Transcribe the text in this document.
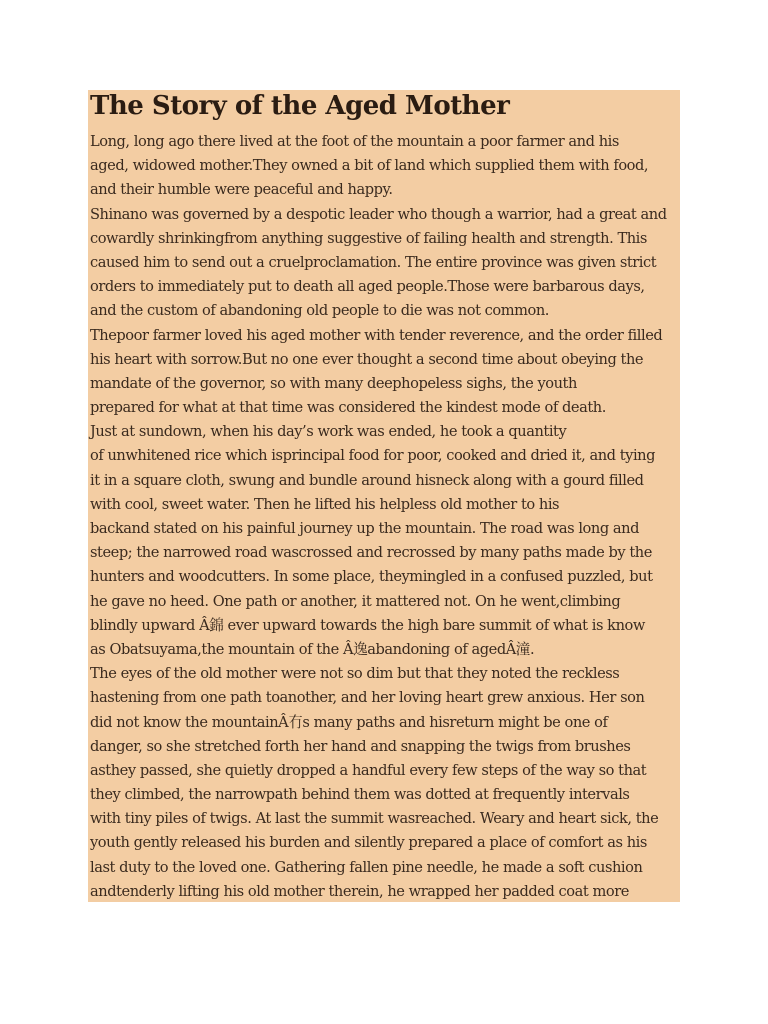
The Story of the Aged Mother
Long, long ago there lived at the foot of the mountain a poor farmer and his
aged, widowed mother.They owned a bit of land which supplied them with food,
and their humble were peaceful and happy.
Shinano was governed by a despotic leader who though a warrior, had a great and
cowardly shrinkingfrom anything suggestive of failing health and strength. This
caused him to send out a cruelproclamation. The entire province was given strict
orders to immediately put to death all aged people.Those were barbarous days,
and the custom of abandoning old people to die was not common.
Thepoor farmer loved his aged mother with tender reverence, and the order filled
his heart with sorrow.But no one ever thought a second time about obeying the
mandate of the governor, so with many deephopeless sighs, the youth
prepared for what at that time was considered the kindest mode of death.
Just at sundown, when his day’s work was ended, he took a quantity
of unwhitened rice which isprincipal food for poor, cooked and dried it, and tying
it in a square cloth, swung and bundle around hisneck along with a gourd filled
with cool, sweet water. Then he lifted his helpless old mother to his
backand stated on his painful journey up the mountain. The road was long and
steep; the narrowed road wascrossed and recrossed by many paths made by the
hunters and woodcutters. In some place, theymingled in a confused puzzled, but
he gave no heed. One path or another, it mattered not. On he went,climbing
blindly upward Â錦 ever upward towards the high bare summit of what is know
as Obatsuyama,the mountain of the Â逸abandoning of agedÂ潼.
The eyes of the old mother were not so dim but that they noted the reckless
hastening from one path toanother, and her loving heart grew anxious. Her son
did not know the mountainÂ冇s many paths and hisreturn might be one of
danger, so she stretched forth her hand and snapping the twigs from brushes
asthey passed, she quietly dropped a handful every few steps of the way so that
they climbed, the narrowpath behind them was dotted at frequently intervals
with tiny piles of twigs. At last the summit wasreached. Weary and heart sick, the
youth gently released his burden and silently prepared a place of comfort as his
last duty to the loved one. Gathering fallen pine needle, he made a soft cushion
andtenderly lifting his old mother therein, he wrapped her padded coat more
